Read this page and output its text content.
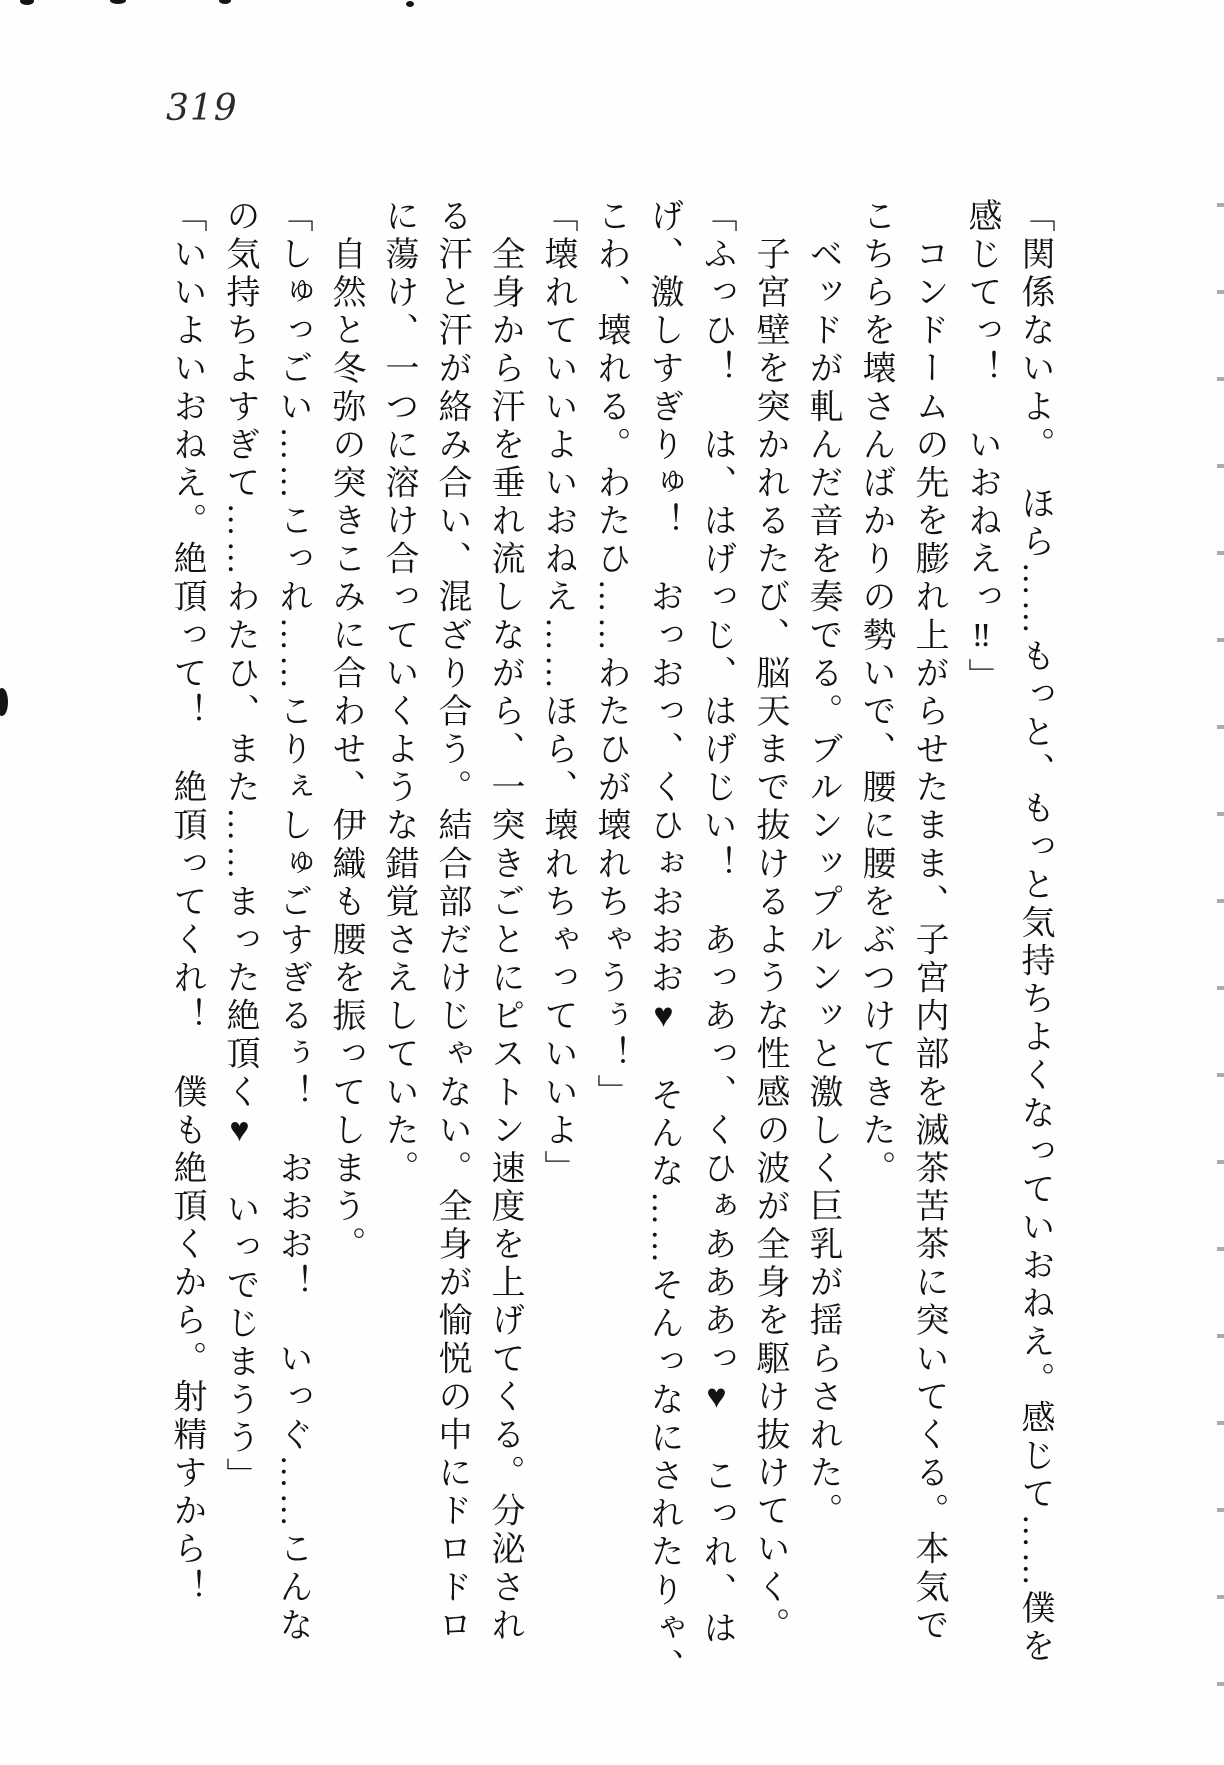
319

「関係ないよ。　ほら……もっと、もっと気持ちよくなっていおねえ。感じて……僕を

感じてっ！　いおねえっ‼」

　コンドームの先を膨れ上がらせたまま、子宮内部を滅茶苦茶に突いてくる。本気で

こちらを壊さんばかりの勢いで、腰に腰をぶつけてきた。

　ベッドが軋んだ音を奏でる。ブルンップルンッと激しく巨乳が揺らされた。

　子宮壁を突かれるたび、脳天まで抜けるような性感の波が全身を駆け抜けていく。

「ふっひ！　は、はげっじ、はげじい！　あっあっ、くひぁあああっ♥　こっれ、は

げ、激しすぎりゅ！　おっおっ、くひぉおおお♥　そんな……そんっなにされたりゃ、

こわ、壊れる。わたひ……わたひが壊れちゃうぅ！」

「壊れていいよいおねえ……ほら、壊れちゃっていいよ」

　全身から汗を垂れ流しながら、一突きごとにピストン速度を上げてくる。分泌され

る汗と汗が絡み合い、混ざり合う。結合部だけじゃない。全身が愉悦の中にドロドロ

に蕩け、一つに溶け合っていくような錯覚さえしていた。

　自然と冬弥の突きこみに合わせ、伊織も腰を振ってしまう。

「しゅっごい……こっれ……こりぇしゅごすぎるぅ！　おおお！　いっぐ……こんな

の気持ちよすぎて……わたひ、また……まった絶頂く♥　いっでじまうう」

「いいよいおねえ。絶頂って！　絶頂ってくれ！　僕も絶頂くから。射精すから！
